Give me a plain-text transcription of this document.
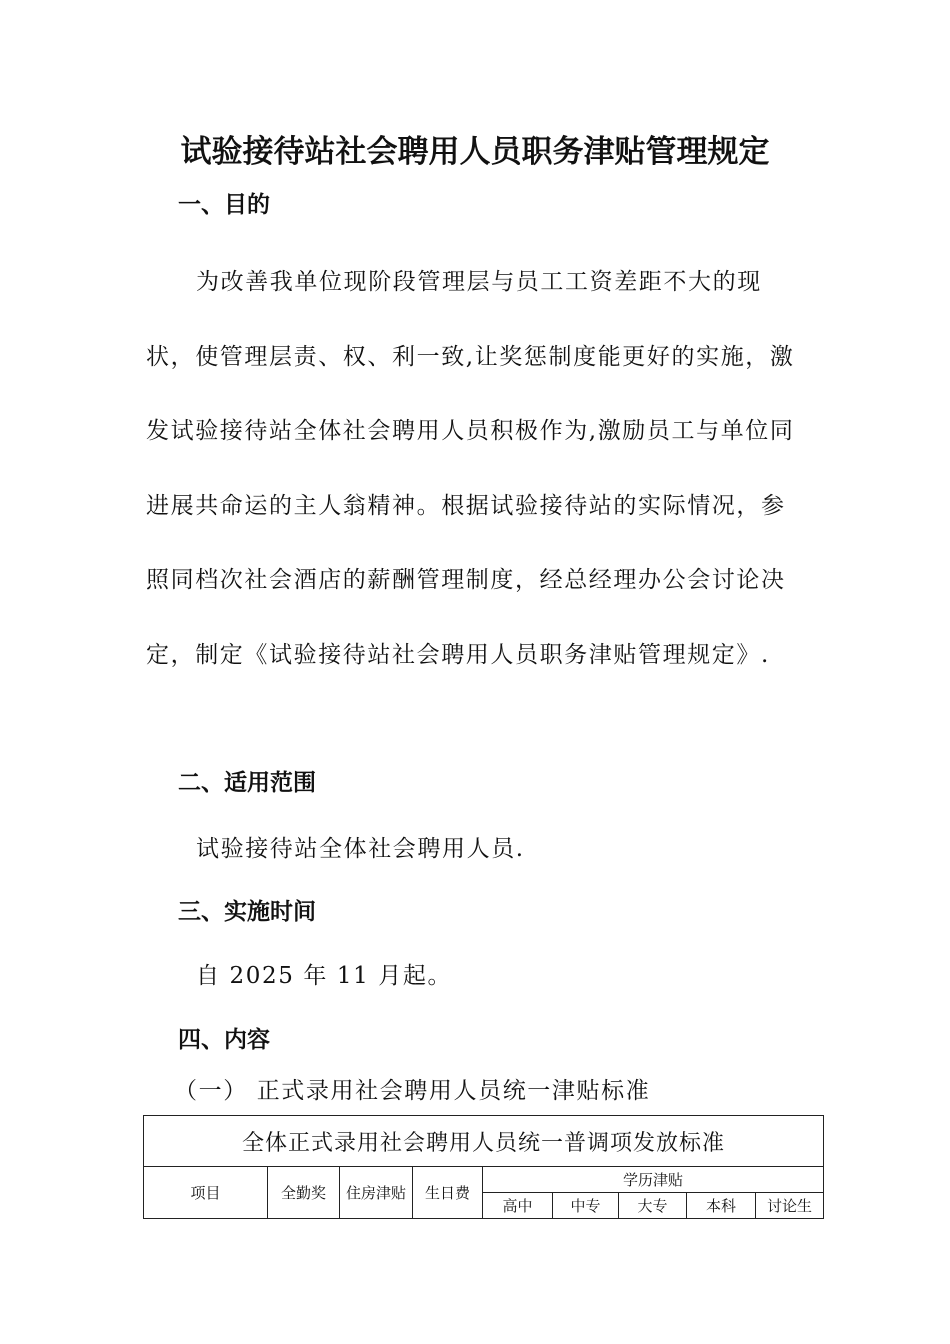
试验接待站社会聘用人员职务津贴管理规定
一、目的

为改善我单位现阶段管理层与员工工资差距不大的现状，使管理层责、权、利一致,让奖惩制度能更好的实施，激发试验接待站全体社会聘用人员积极作为,激励员工与单位同进展共命运的主人翁精神。根据试验接待站的实际情况，参照同档次社会酒店的薪酬管理制度，经总经理办公会讨论决定，制定《试验接待站社会聘用人员职务津贴管理规定》.

二、适用范围

试验接待站全体社会聘用人员.

三、实施时间

自 2025 年 11 月起。

四、内容

（一） 正式录用社会聘用人员统一津贴标准

全体正式录用社会聘用人员统一普调项发放标准								
项目	全勤奖	住房津贴	生日费	学历津贴				
				高中	中专	大专	本科	讨论生
